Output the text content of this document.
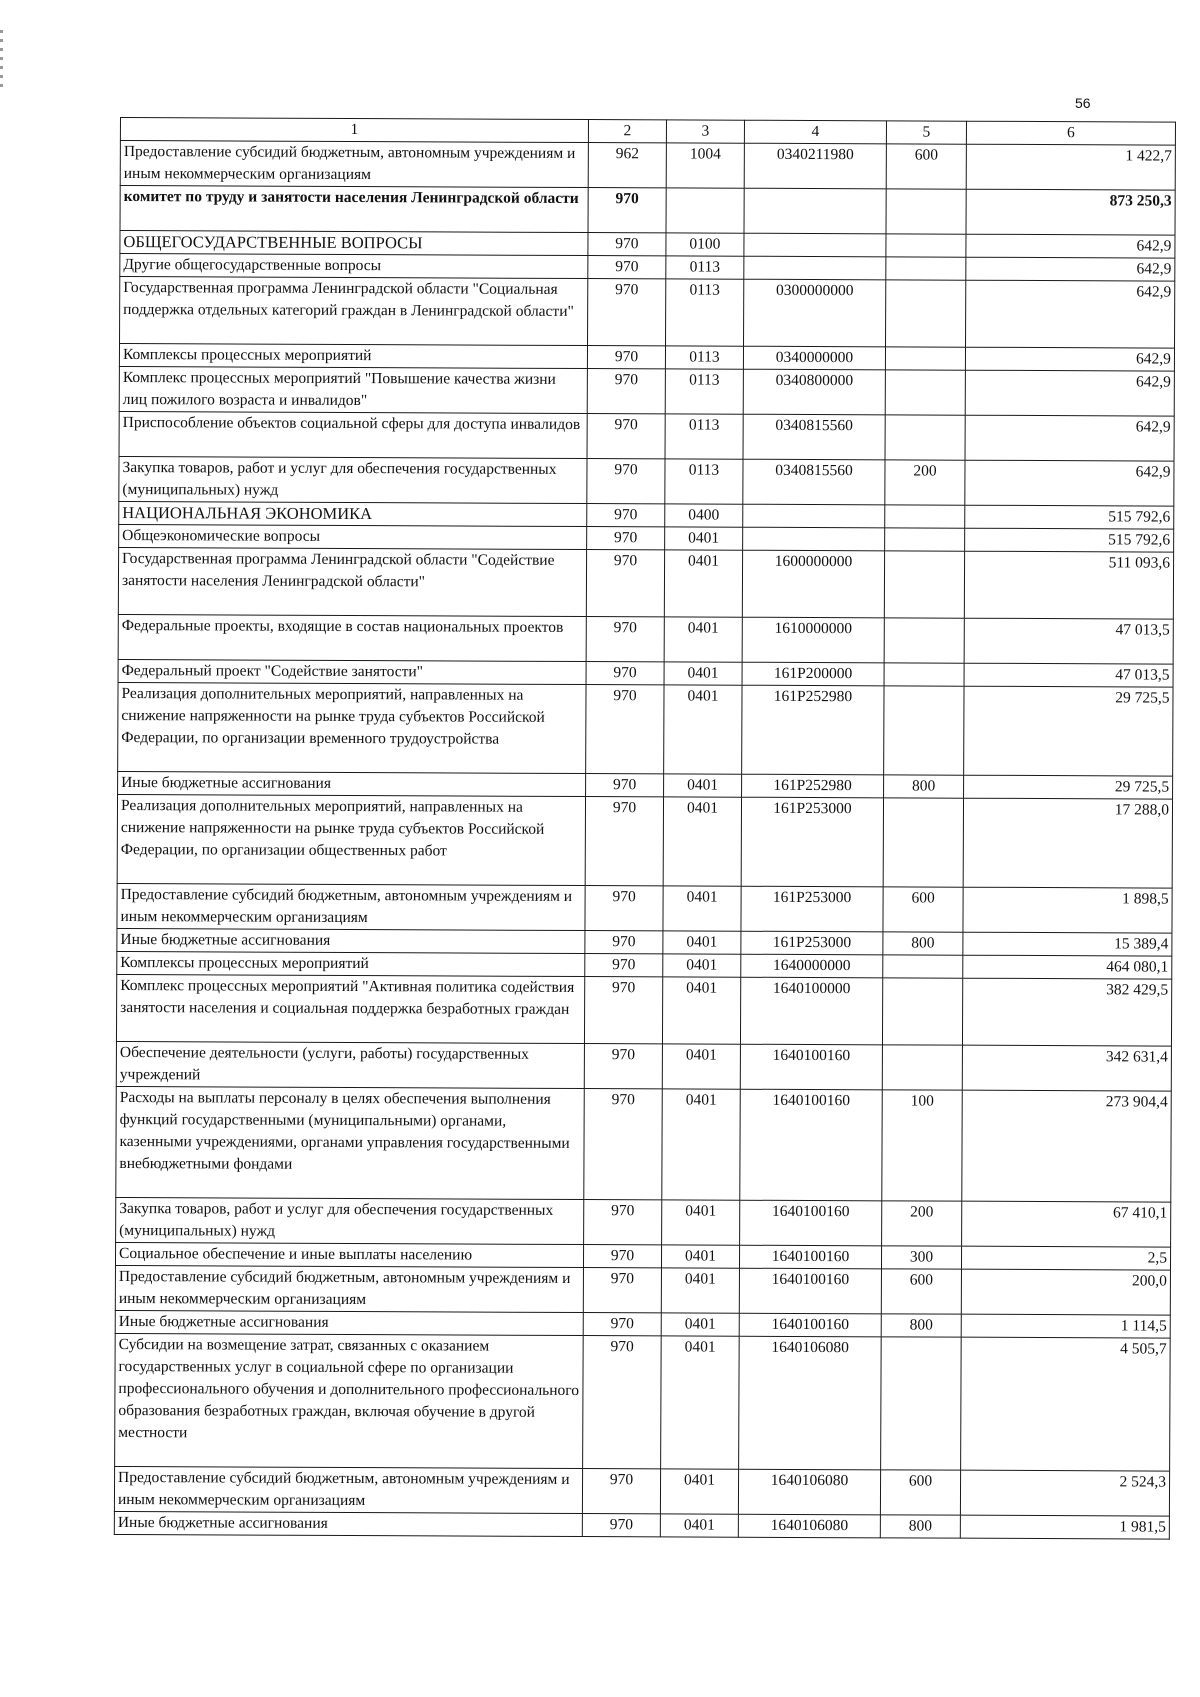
56
1	2	3	4	5	6
Предоставление субсидий бюджетным, автономным учреждениям и иным некоммерческим организациям	962	1004	0340211980	600	1 422,7
комитет по труду и занятости населения Ленинградской области	970				873 250,3
ОБЩЕГОСУДАРСТВЕННЫЕ ВОПРОСЫ	970	0100			642,9
Другие общегосударственные вопросы	970	0113			642,9
Государственная программа Ленинградской области "Социальная поддержка отдельных категорий граждан в Ленинградской области"	970	0113	0300000000		642,9
Комплексы процессных мероприятий	970	0113	0340000000		642,9
Комплекс процессных мероприятий "Повышение качества жизни лиц пожилого возраста и инвалидов"	970	0113	0340800000		642,9
Приспособление объектов социальной сферы для доступа инвалидов	970	0113	0340815560		642,9
Закупка товаров, работ и услуг для обеспечения государственных (муниципальных) нужд	970	0113	0340815560	200	642,9
НАЦИОНАЛЬНАЯ ЭКОНОМИКА	970	0400			515 792,6
Общеэкономические вопросы	970	0401			515 792,6
Государственная программа Ленинградской области "Содействие занятости населения Ленинградской области"	970	0401	1600000000		511 093,6
Федеральные проекты, входящие в состав национальных проектов	970	0401	1610000000		47 013,5
Федеральный проект "Содействие занятости"	970	0401	161P200000		47 013,5
Реализация дополнительных мероприятий, направленных на снижение напряженности на рынке труда субъектов Российской Федерации, по организации временного трудоустройства	970	0401	161P252980		29 725,5
Иные бюджетные ассигнования	970	0401	161P252980	800	29 725,5
Реализация дополнительных мероприятий, направленных на снижение напряженности на рынке труда субъектов Российской Федерации, по организации общественных работ	970	0401	161P253000		17 288,0
Предоставление субсидий бюджетным, автономным учреждениям и иным некоммерческим организациям	970	0401	161P253000	600	1 898,5
Иные бюджетные ассигнования	970	0401	161P253000	800	15 389,4
Комплексы процессных мероприятий	970	0401	1640000000		464 080,1
Комплекс процессных мероприятий "Активная политика содействия занятости населения и социальная поддержка безработных граждан	970	0401	1640100000		382 429,5
Обеспечение деятельности (услуги, работы) государственных учреждений	970	0401	1640100160		342 631,4
Расходы на выплаты персоналу в целях обеспечения выполнения функций государственными (муниципальными) органами, казенными учреждениями, органами управления государственными внебюджетными фондами	970	0401	1640100160	100	273 904,4
Закупка товаров, работ и услуг для обеспечения государственных (муниципальных) нужд	970	0401	1640100160	200	67 410,1
Социальное обеспечение и иные выплаты населению	970	0401	1640100160	300	2,5
Предоставление субсидий бюджетным, автономным учреждениям и иным некоммерческим организациям	970	0401	1640100160	600	200,0
Иные бюджетные ассигнования	970	0401	1640100160	800	1 114,5
Субсидии на возмещение затрат, связанных с оказанием государственных услуг в социальной сфере по организации профессионального обучения и дополнительного профессионального образования безработных граждан, включая обучение в другой местности	970	0401	1640106080		4 505,7
Предоставление субсидий бюджетным, автономным учреждениям и иным некоммерческим организациям	970	0401	1640106080	600	2 524,3
Иные бюджетные ассигнования	970	0401	1640106080	800	1 981,5
